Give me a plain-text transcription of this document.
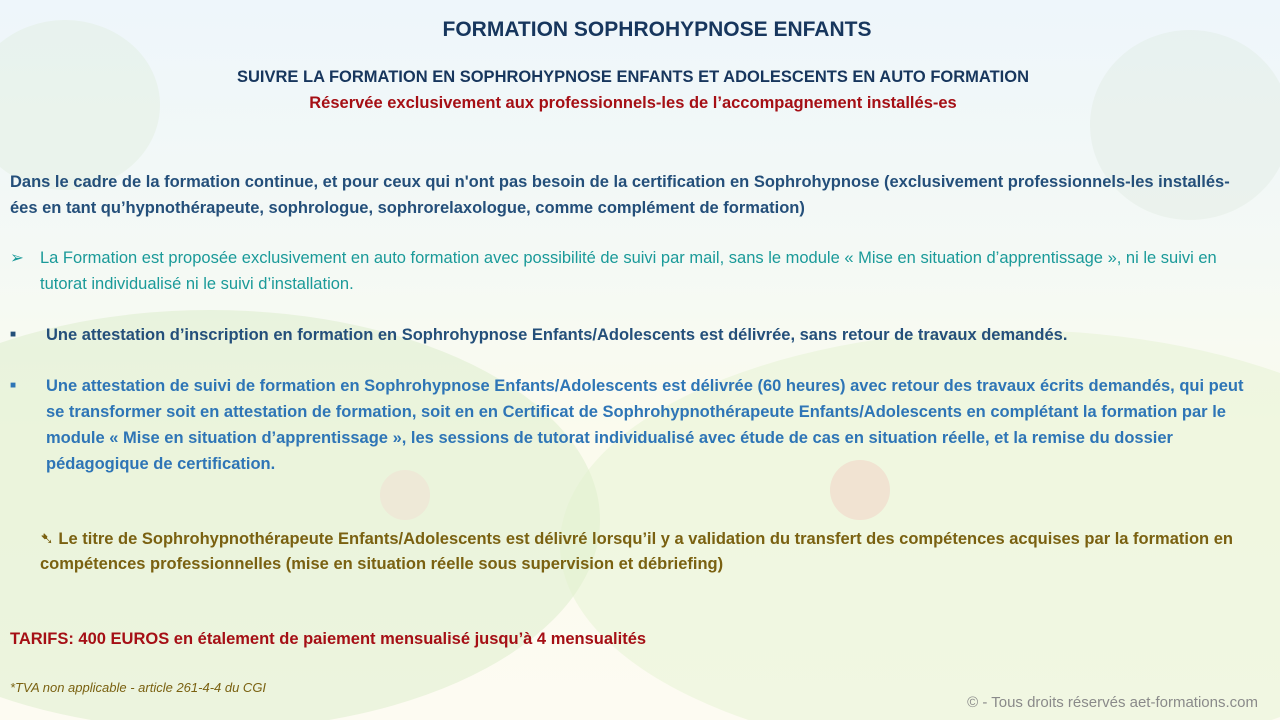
FORMATION SOPHROHYPNOSE ENFANTS
SUIVRE LA FORMATION EN SOPHROHYPNOSE ENFANTS ET ADOLESCENTS EN AUTO FORMATION
Réservée exclusivement aux professionnels-les de l’accompagnement installés-es
Dans le cadre de la formation continue, et pour ceux qui n'ont pas besoin de la certification en Sophrohypnose (exclusivement professionnels-les installés-ées en tant qu’hypnothérapeute, sophrologue, sophrorelaxologue, comme complément de formation)
➢ La Formation est proposée exclusivement en auto formation avec possibilité de suivi par mail, sans le module « Mise en situation d’apprentissage », ni le suivi en tutorat individualisé ni le suivi d’installation.
■ Une attestation d’inscription en formation en Sophrohypnose Enfants/Adolescents est délivrée, sans retour de travaux demandés.
■ Une attestation de suivi de formation en Sophrohypnose Enfants/Adolescents est délivrée (60 heures) avec retour des travaux écrits demandés, qui peut se transformer soit en attestation de formation, soit en en Certificat de Sophrohypnothérapeute Enfants/Adolescents en complétant la formation par le module « Mise en situation d’apprentissage », les sessions de tutorat individualisé avec étude de cas en situation réelle, et la remise du dossier pédagogique de certification.
➷ Le titre de Sophrohypnothérapeute Enfants/Adolescents est délivré lorsqu’il y a validation du transfert des compétences acquises par la formation en compétences professionnelles (mise en situation réelle sous supervision et débriefing)
TARIFS: 400 EUROS en étalement de paiement mensualisé jusqu’à 4 mensualités
*TVA non applicable - article 261-4-4 du CGI
© - Tous droits réservés aet-formations.com
